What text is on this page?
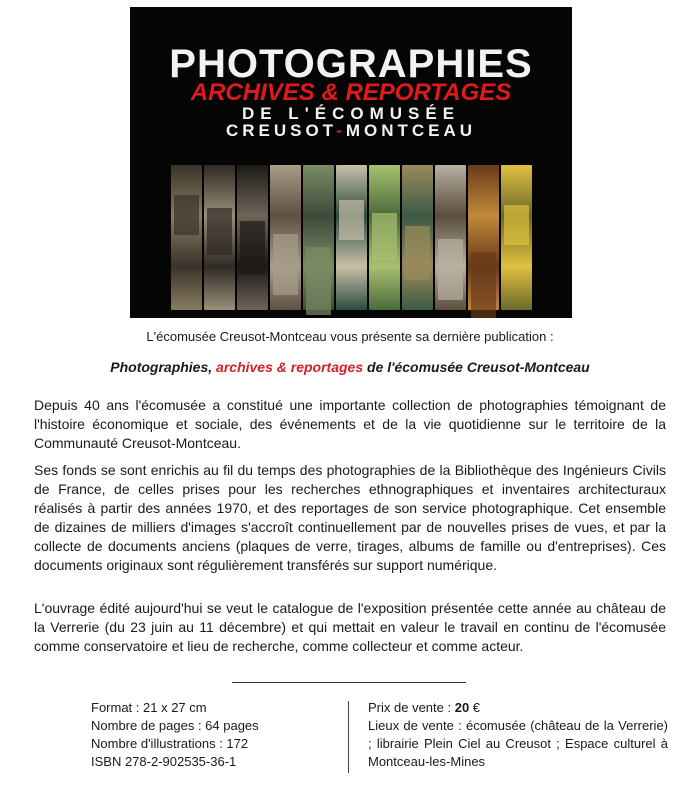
PHOTOGRAPHIES
ARCHIVES & REPORTAGES
DE L'ÉCOMUSÉE
CREUSOT-MONTCEAU

L'écomusée Creusot-Montceau vous présente sa dernière publication :

Photographies, archives & reportages de l'écomusée Creusot-Montceau

Depuis 40 ans l'écomusée a constitué une importante collection de photographies témoignant de l'histoire économique et sociale, des événements et de la vie quotidienne sur le territoire de la Communauté Creusot-Montceau.

Ses fonds se sont enrichis au fil du temps des photographies de la Bibliothèque des Ingénieurs Civils de France, de celles prises pour les recherches ethnographiques et inventaires architecturaux réalisés à partir des années 1970, et des reportages de son service photographique. Cet ensemble de dizaines de milliers d'images s'accroît continuellement par de nouvelles prises de vues, et par la collecte de documents anciens (plaques de verre, tirages, albums de famille ou d'entreprises). Ces documents originaux sont régulièrement transférés sur support numérique.

L'ouvrage édité aujourd'hui se veut le catalogue de l'exposition présentée cette année au château de la Verrerie (du 23 juin au 11 décembre) et qui mettait en valeur le travail en continu de l'écomusée comme conservatoire et lieu de recherche, comme collecteur et comme acteur.

Format : 21 x 27 cm

Nombre de pages : 64 pages

Nombre d'illustrations : 172

ISBN 278-2-902535-36-1

Prix de vente : 20 €

Lieux de vente : écomusée (château de la Verrerie) ; librairie Plein Ciel au Creusot ; Espace culturel à Montceau-les-Mines
